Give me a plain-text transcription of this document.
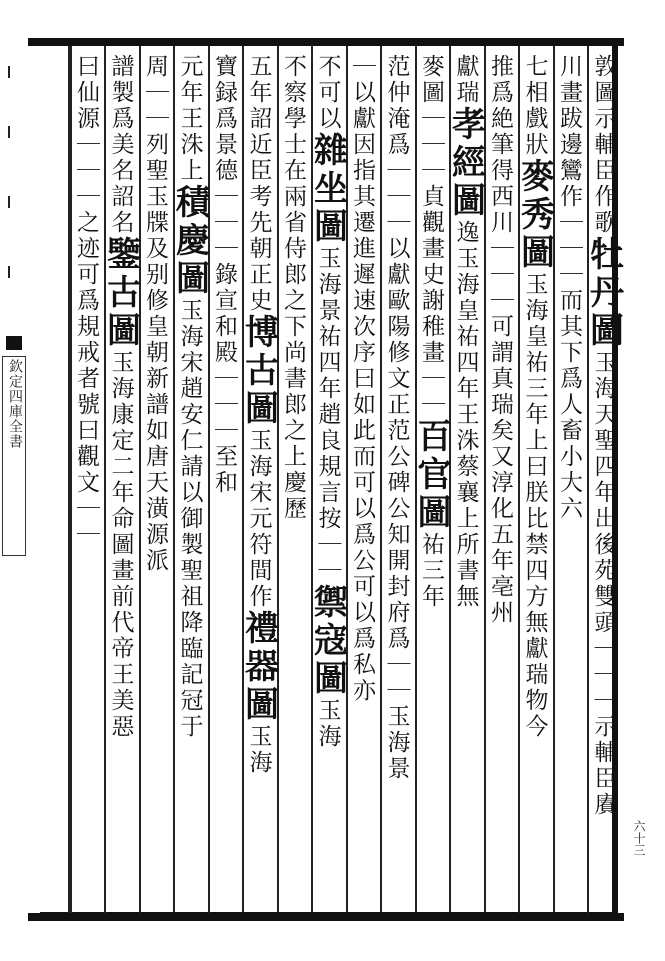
欽定四庫全書
六十三
敦圖示輔臣作歌牡丹圖玉海天聖四年出後苑雙頭｜｜｜示輔臣賡
川畫跋邊鸞作｜｜｜而其下爲人畜小大六
七相戲狀麥秀圖玉海皇祐三年上曰朕比禁四方無獻瑞物今
推爲絶筆得西川｜｜｜可謂真瑞矣又淳化五年亳州
獻瑞孝經圖逸玉海皇祐四年王洙蔡襄上所書無
麥圖｜｜｜貞觀畫史謝稚畫｜｜百官圖祐三年
范仲淹爲｜｜｜以獻歐陽修文正范公碑公知開封府爲｜｜玉海景
｜以獻因指其遷進遲速次序曰如此而可以爲公可以爲私亦
不可以雜坐圖玉海景祐四年趙良規言按｜｜禦寇圖玉海
不察學士在兩省侍郎之下尚書郎之上慶歷
五年詔近臣考先朝正史博古圖玉海宋元符間作禮器圖玉海
寶録爲景德｜｜｜錄宣和殿｜｜｜至和
元年王洙上積慶圖玉海宋趙安仁請以御製聖祖降臨記冠于
周｜｜列聖玉牒及别修皇朝新譜如唐天潢源派
譜製爲美名詔名鑒古圖玉海康定二年命圖畫前代帝王美惡
曰仙源｜｜｜之迹可爲規戒者號曰觀文｜｜
